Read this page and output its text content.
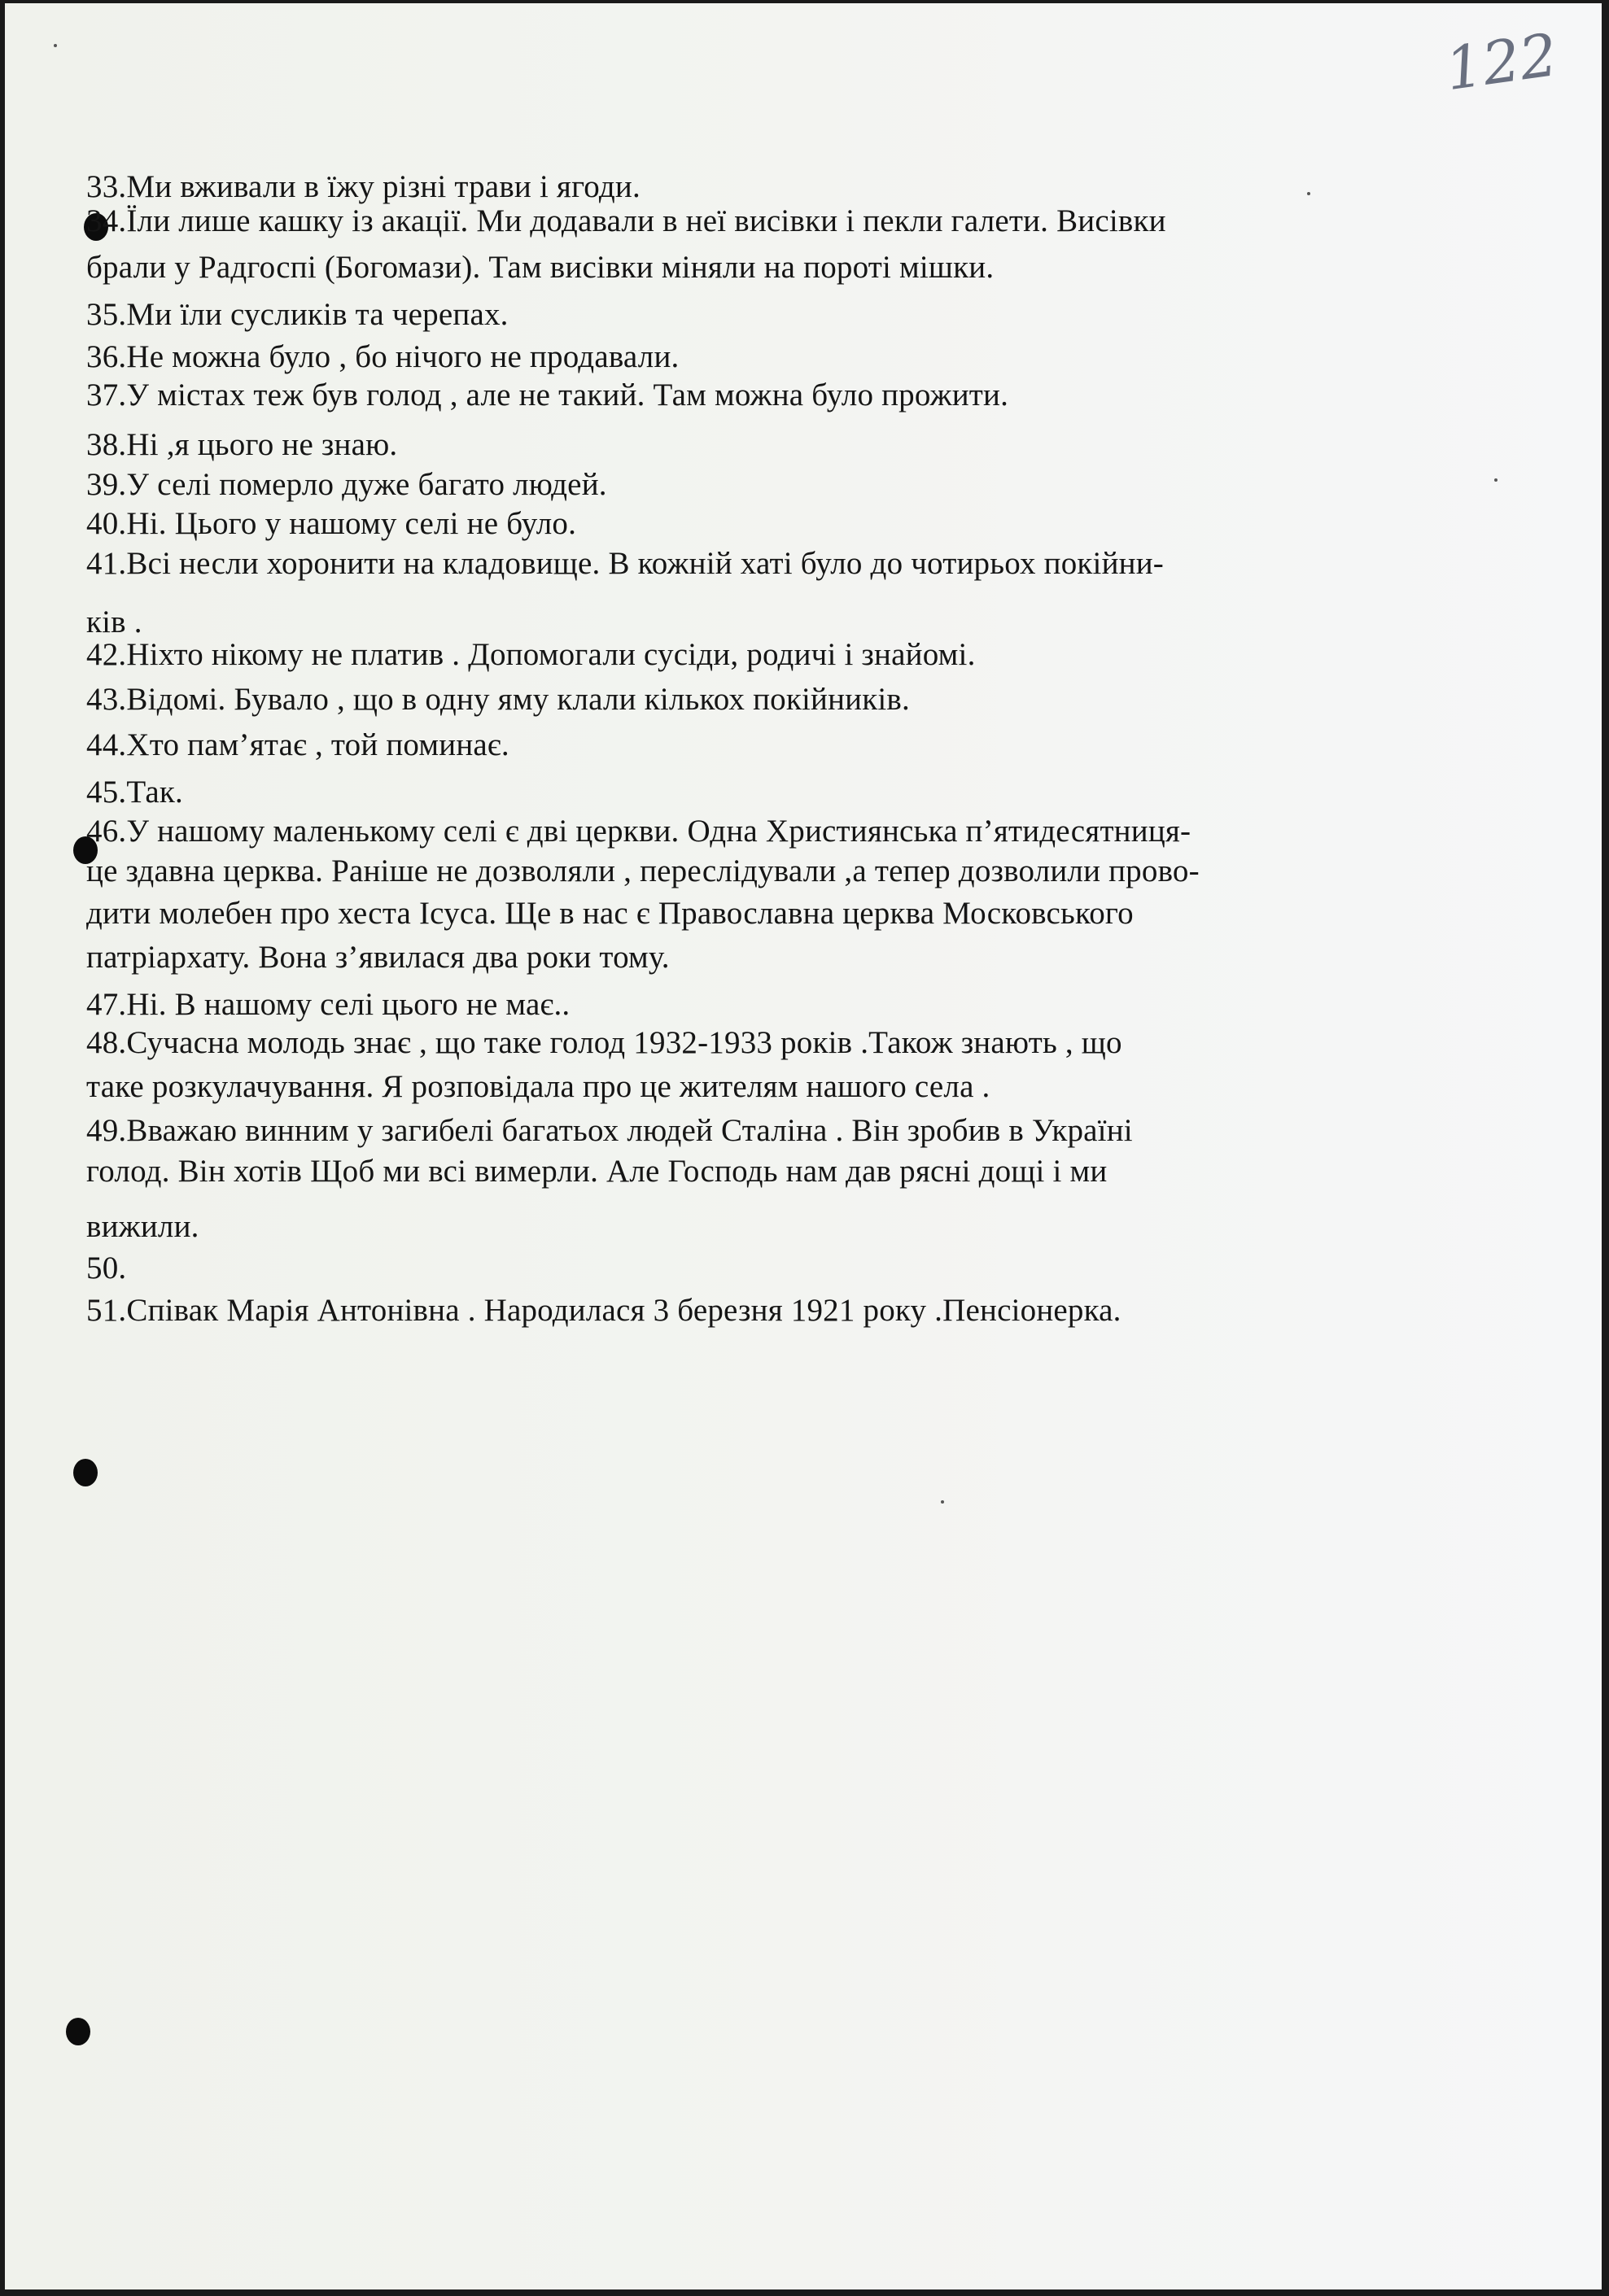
122
33.Ми вживали в їжу різні трави і ягоди.
34.Їли лише кашку із акації. Ми додавали в неї висівки і пекли галети. Висівки
брали у Радгоспі (Богомази). Там висівки міняли на пороті мішки.
35.Ми їли сусликів та черепах.
36.Не можна було , бо нічого не продавали.
37.У містах теж був голод , але не такий. Там можна було прожити.
38.Ні ,я цього не знаю.
39.У селі померло дуже багато людей.
40.Ні. Цього у нашому селі не було.
41.Всі несли хоронити на кладовище. В кожній хаті було до чотирьох покійни-
ків .
42.Ніхто нікому не платив . Допомогали сусіди, родичі і знайомі.
43.Відомі. Бувало , що в одну яму клали кількох покійників.
44.Хто пам’ятає , той поминає.
45.Так.
46.У нашому маленькому селі є дві церкви. Одна Християнська п’ятидесятниця-
це здавна церква. Раніше не дозволяли , переслідували ,а тепер дозволили прово-
дити молебен про хеста Ісуса. Ще в нас є Православна церква Московського
патріархату. Вона з’явилася два роки тому.
47.Ні. В нашому селі цього не має..
48.Сучасна молодь знає , що таке голод 1932-1933 років .Також знають , що
таке розкулачування. Я розповідала про це жителям нашого села .
49.Вважаю винним у загибелі багатьох людей Сталіна . Він зробив в Україні
голод. Він хотів Щоб ми всі вимерли. Але Господь нам дав рясні дощі і ми
вижили.
50.
51.Співак Марія Антонівна . Народилася 3 березня 1921 року .Пенсіонерка.
